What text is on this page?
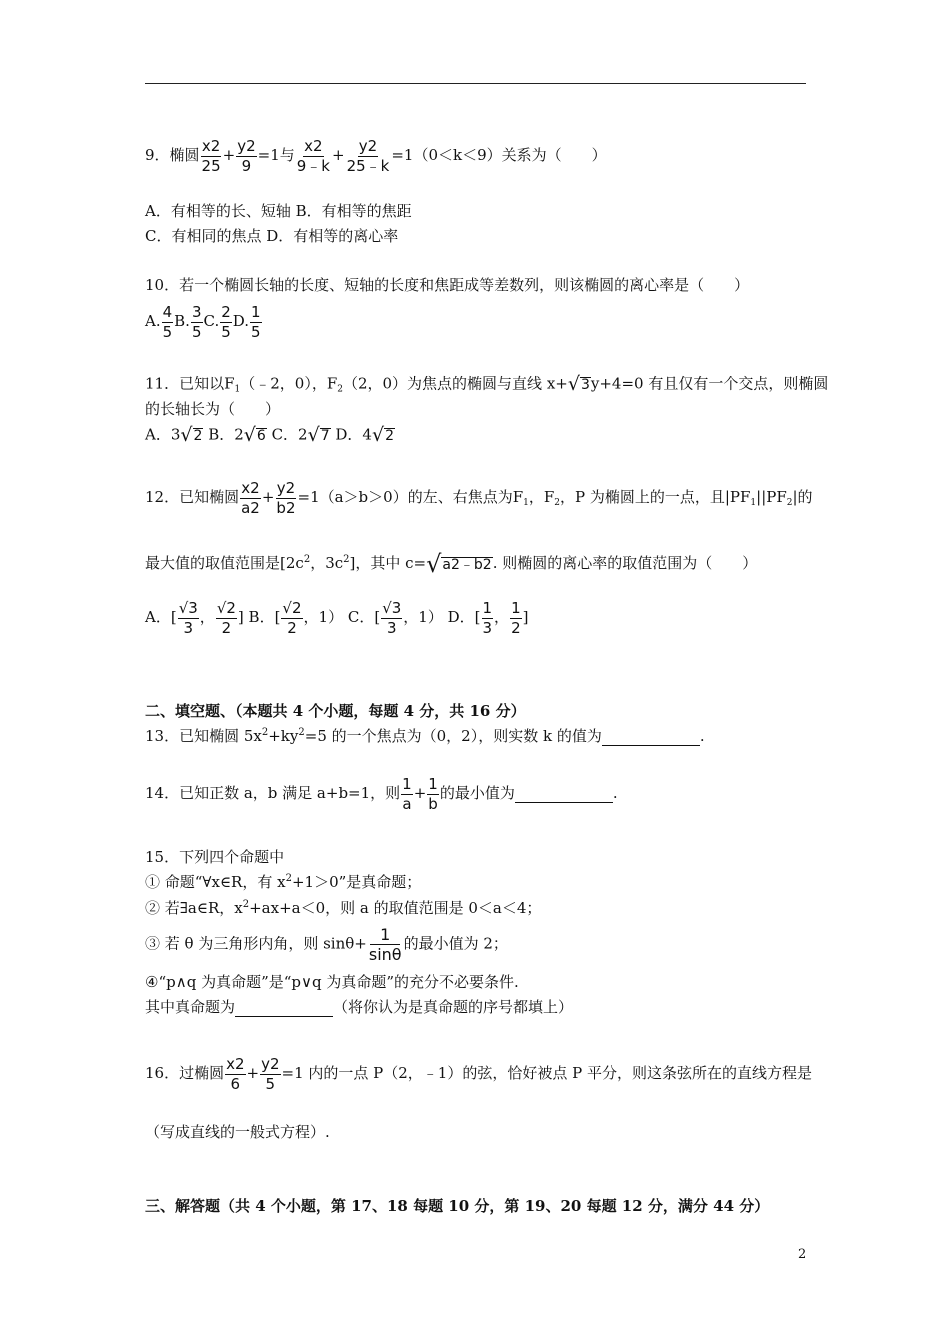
9．椭圆 $\frac{x2}{25} + \frac{y2}{9} =1$与 $\frac{x2}{9﹣k} + \frac{y2}{25﹣k} =1(0<k<9)$关系为（　　）
A．有相等的长、短轴 B．有相等的焦距
C．有相同的焦点 D．有相等的离心率
10．若一个椭圆长轴的长度、短轴的长度和焦距成等差数列，则该椭圆的离心率是（　　）
A. $\frac{4}{5} B$. $\frac{3}{5} C$. $\frac{2}{5} D$. $\frac{1}{5}$
11．已知以$F_1(﹣2$，0），$F_2(2$，0）为焦点的椭圆与直线 x+ √ 3 y+4=0 有且仅有一个交点，则椭圆
的长轴长为（　　）
A．3 √ 2 B．2 √ 6 C．2 √ 7 D．4 √ 2
12．已知椭圆 $\frac{x2}{a2} + \frac{y2}{b2} =1(a>b>0)$的左、右焦点为$F_1$，$F_2$，P 为椭圆上的一点，且$|PF_1||PF_2|$的
最大值的取值范围是[$2c^2$，$3c^2$]，其中 c= √ a2﹣b2 . 则椭圆的离心率的取值范围为（　　）
A．[ $\frac{√3}{3}$ ， $\frac{√2}{2}$ ] B．[ $\frac{√2}{2}$ ，1） C．[ $\frac{√3}{3}$ ，1） D．[ $\frac{1}{3}$ ， $\frac{1}{2}$ ]
二、填空题、（本题共 4 个小题，每题 4 分，共 16 分）
13．已知椭圆 $5x^2+ky^2=5$ 的一个焦点为（0，2），则实数 k 的值为	.
14．已知正数 a，b 满足 a+b=1，则 $\frac{1}{a} + \frac{1}{b}$ 的最小值为	.
15．下列四个命题中
① 命题“∀x∈R，有 $x^2+1>0$”是真命题；
② 若∃a∈R，$x^2+ax+a<0$，则 a 的取值范围是 0＜a＜4；
③ 若 θ 为三角形内角，则 $\sin\theta+ \frac{1}{\sin\theta}$ 的最小值为 2；
④“p∧q 为真命题”是“p∨q 为真命题”的充分不必要条件.
其中真命题为	（将你认为是真命题的序号都填上）
16．过椭圆 $\frac{x2}{6} + \frac{y2}{5} =1$ 内的一点 P（2，﹣1）的弦，恰好被点 P 平分，则这条弦所在的直线方程是
（写成直线的一般式方程）.
三、解答题（共 4 个小题，第 17、18 每题 10 分，第 19、20 每题 12 分，满分 44 分）
2
